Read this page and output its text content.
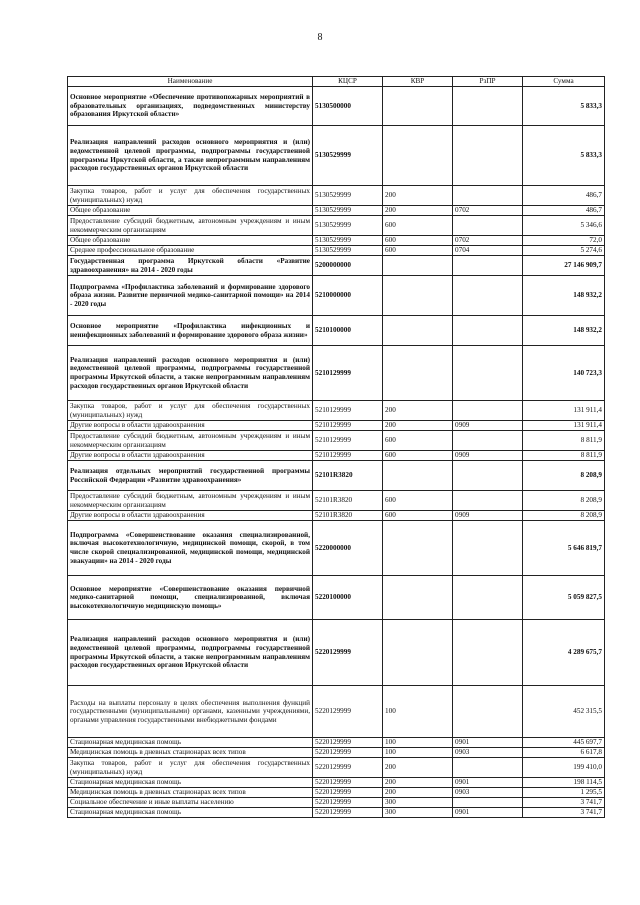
8
Наименование	КЦСР	КВР	РзПР	Сумма
Основное мероприятие «Обеспечение противопожарных мероприятий в образовательных организациях, подведомственных министерству образования Иркутской области»	5130500000			5 833,3
Реализация направлений расходов основного мероприятия и (или) ведомственной целевой программы, подпрограммы государственной программы Иркутской области, а также непрограммным направлениям расходов государственных органов Иркутской области	5130529999			5 833,3
Закупка товаров, работ и услуг для обеспечения государственных (муниципальных) нужд	5130529999	200		486,7
Общее образование	5130529999	200	0702	486,7
Предоставление субсидий бюджетным, автономным учреждениям и иным некоммерческим организациям	5130529999	600		5 346,6
Общее образование	5130529999	600	0702	72,0
Среднее профессиональное образование	5130529999	600	0704	5 274,6
Государственная программа Иркутской области «Развитие здравоохранения» на 2014 - 2020 годы	5200000000			27 146 909,7
Подпрограмма «Профилактика заболеваний и формирование здорового образа жизни. Развитие первичной медико-санитарной помощи» на 2014 - 2020 годы	5210000000			148 932,2
Основное мероприятие «Профилактика инфекционных и неинфекционных заболеваний и формирование здорового образа жизни»	5210100000			148 932,2
Реализация направлений расходов основного мероприятия и (или) ведомственной целевой программы, подпрограммы государственной программы Иркутской области, а также непрограммным направлениям расходов государственных органов Иркутской области	5210129999			140 723,3
Закупка товаров, работ и услуг для обеспечения государственных (муниципальных) нужд	5210129999	200		131 911,4
Другие вопросы в области здравоохранения	5210129999	200	0909	131 911,4
Предоставление субсидий бюджетным, автономным учреждениям и иным некоммерческим организациям	5210129999	600		8 811,9
Другие вопросы в области здравоохранения	5210129999	600	0909	8 811,9
Реализация отдельных мероприятий государственной программы Российской Федерации «Развитие здравоохранения»	52101R3820			8 208,9
Предоставление субсидий бюджетным, автономным учреждениям и иным некоммерческим организациям	52101R3820	600		8 208,9
Другие вопросы в области здравоохранения	52101R3820	600	0909	8 208,9
Подпрограмма «Совершенствование оказания специализированной, включая высокотехнологичную, медицинской помощи, скорой, в том числе скорой специализированной, медицинской помощи, медицинской эвакуации» на 2014 - 2020 годы	5220000000			5 646 819,7
Основное мероприятие «Совершенствование оказания первичной медико-санитарной помощи, специализированной, включая высокотехнологичную медицинскую помощь»	5220100000			5 059 827,5
Реализация направлений расходов основного мероприятия и (или) ведомственной целевой программы, подпрограммы государственной программы Иркутской области, а также непрограммным направлениям расходов государственных органов Иркутской области	5220129999			4 289 675,7
Расходы на выплаты персоналу в целях обеспечения выполнения функций государственными (муниципальными) органами, казенными учреждениями, органами управления государственными внебюджетными фондами	5220129999	100		452 315,5
Стационарная медицинская помощь	5220129999	100	0901	445 697,7
Медицинская помощь в дневных стационарах всех типов	5220129999	100	0903	6 617,8
Закупка товаров, работ и услуг для обеспечения государственных (муниципальных) нужд	5220129999	200		199 410,0
Стационарная медицинская помощь	5220129999	200	0901	198 114,5
Медицинская помощь в дневных стационарах всех типов	5220129999	200	0903	1 295,5
Социальное обеспечение и иные выплаты населению	5220129999	300		3 741,7
Стационарная медицинская помощь	5220129999	300	0901	3 741,7
